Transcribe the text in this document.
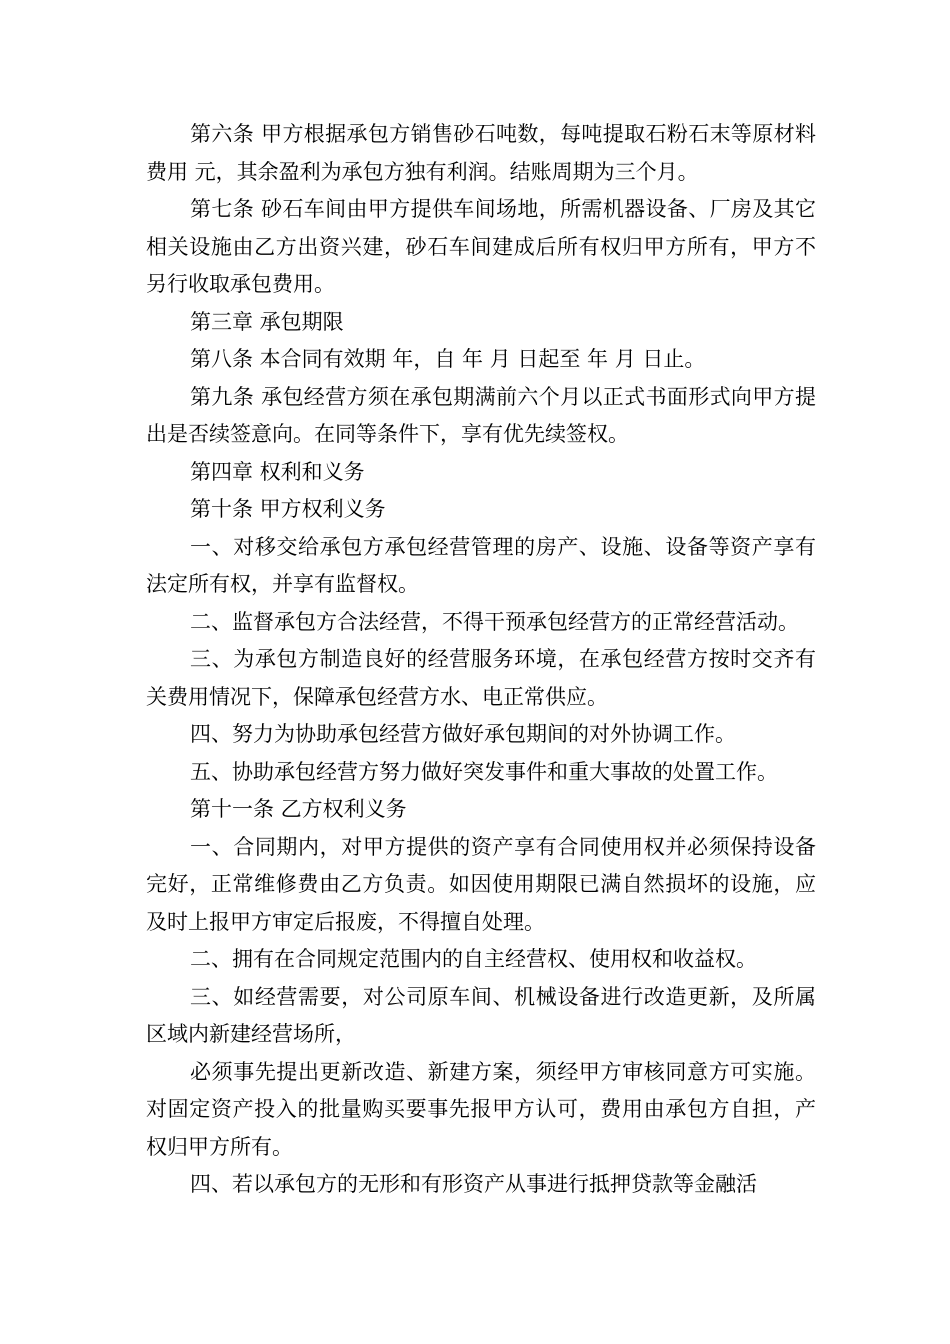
第六条 甲方根据承包方销售砂石吨数，每吨提取石粉石末等原材料费用 元，其余盈利为承包方独有利润。结账周期为三个月。

第七条 砂石车间由甲方提供车间场地，所需机器设备、厂房及其它相关设施由乙方出资兴建，砂石车间建成后所有权归甲方所有，甲方不另行收取承包费用。

第三章 承包期限

第八条 本合同有效期 年，自 年 月 日起至 年 月 日止。

第九条 承包经营方须在承包期满前六个月以正式书面形式向甲方提出是否续签意向。在同等条件下，享有优先续签权。

第四章 权利和义务

第十条 甲方权利义务

一、对移交给承包方承包经营管理的房产、设施、设备等资产享有法定所有权，并享有监督权。

二、监督承包方合法经营，不得干预承包经营方的正常经营活动。

三、为承包方制造良好的经营服务环境，在承包经营方按时交齐有关费用情况下，保障承包经营方水、电正常供应。

四、努力为协助承包经营方做好承包期间的对外协调工作。

五、协助承包经营方努力做好突发事件和重大事故的处置工作。

第十一条 乙方权利义务

一、合同期内，对甲方提供的资产享有合同使用权并必须保持设备完好，正常维修费由乙方负责。如因使用期限已满自然损坏的设施，应及时上报甲方审定后报废，不得擅自处理。

二、拥有在合同规定范围内的自主经营权、使用权和收益权。

三、如经营需要，对公司原车间、机械设备进行改造更新，及所属区域内新建经营场所，

必须事先提出更新改造、新建方案，须经甲方审核同意方可实施。对固定资产投入的批量购买要事先报甲方认可，费用由承包方自担，产权归甲方所有。

四、若以承包方的无形和有形资产从事进行抵押贷款等金融活
